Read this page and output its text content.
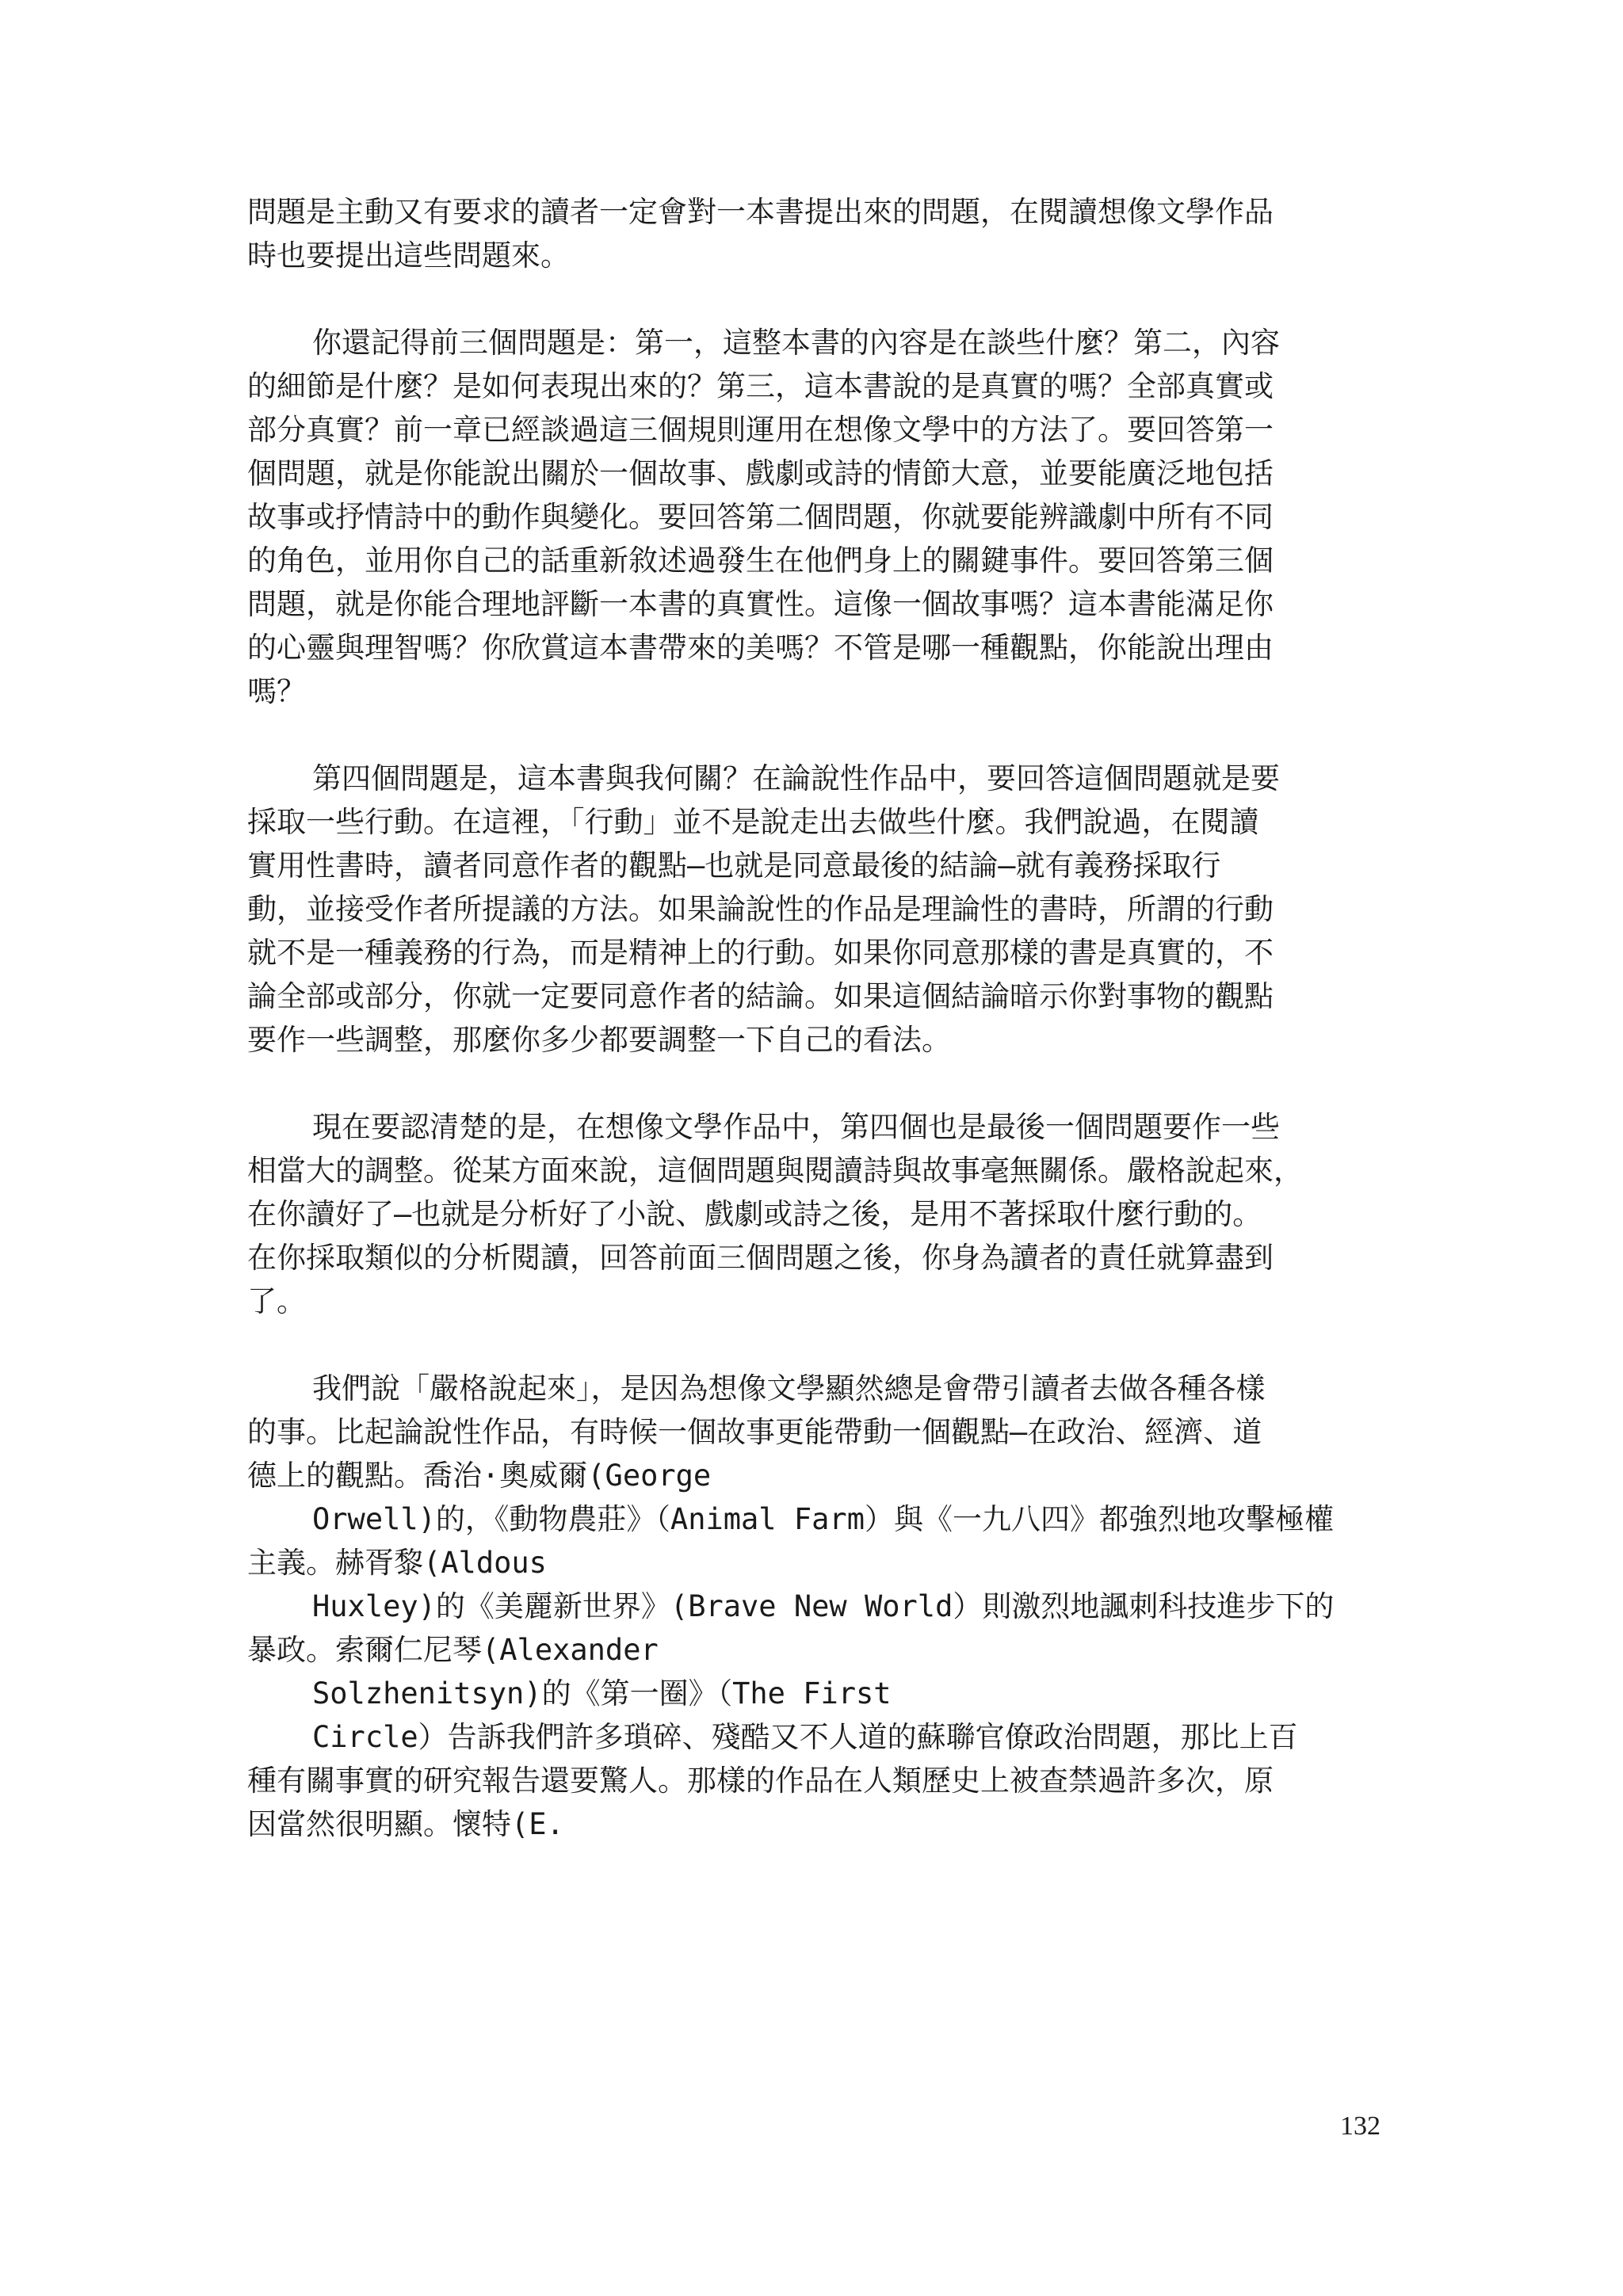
問題是主動又有要求的讀者一定會對一本書提出來的問題，在閱讀想像文學作品
時也要提出這些問題來。

你還記得前三個問題是：第一，這整本書的內容是在談些什麼？第二，內容
的細節是什麼？是如何表現出來的？第三，這本書說的是真實的嗎？全部真實或
部分真實？前一章已經談過這三個規則運用在想像文學中的方法了。要回答第一
個問題，就是你能說出關於一個故事、戲劇或詩的情節大意，並要能廣泛地包括
故事或抒情詩中的動作與變化。要回答第二個問題，你就要能辨識劇中所有不同
的角色，並用你自己的話重新敘述過發生在他們身上的關鍵事件。要回答第三個
問題，就是你能合理地評斷一本書的真實性。這像一個故事嗎？這本書能滿足你
的心靈與理智嗎？你欣賞這本書帶來的美嗎？不管是哪一種觀點，你能說出理由
嗎？

第四個問題是，這本書與我何關？在論說性作品中，要回答這個問題就是要
採取一些行動。在這裡，「行動」並不是說走出去做些什麼。我們說過，在閱讀
實用性書時，讀者同意作者的觀點—也就是同意最後的結論—就有義務採取行
動，並接受作者所提議的方法。如果論說性的作品是理論性的書時，所謂的行動
就不是一種義務的行為，而是精神上的行動。如果你同意那樣的書是真實的，不
論全部或部分，你就一定要同意作者的結論。如果這個結論暗示你對事物的觀點
要作一些調整，那麼你多少都要調整一下自己的看法。

現在要認清楚的是，在想像文學作品中，第四個也是最後一個問題要作一些
相當大的調整。從某方面來說，這個問題與閱讀詩與故事毫無關係。嚴格說起來，
在你讀好了—也就是分析好了小說、戲劇或詩之後，是用不著採取什麼行動的。
在你採取類似的分析閱讀，回答前面三個問題之後，你身為讀者的責任就算盡到
了。

我們說「嚴格說起來」，是因為想像文學顯然總是會帶引讀者去做各種各樣
的事。比起論說性作品，有時候一個故事更能帶動一個觀點—在政治、經濟、道
德上的觀點。喬治·奧威爾(George

Orwell)的，《動物農莊》（Animal Farm）與《一九八四》都強烈地攻擊極權
主義。赫胥黎(Aldous

Huxley)的《美麗新世界》(Brave New World）則激烈地諷刺科技進步下的
暴政。索爾仁尼琴(Alexander

Solzhenitsyn)的《第一圈》（The First

Circle）告訴我們許多瑣碎、殘酷又不人道的蘇聯官僚政治問題，那比上百
種有關事實的研究報告還要驚人。那樣的作品在人類歷史上被查禁過許多次，原
因當然很明顯。懷特(E.

132
